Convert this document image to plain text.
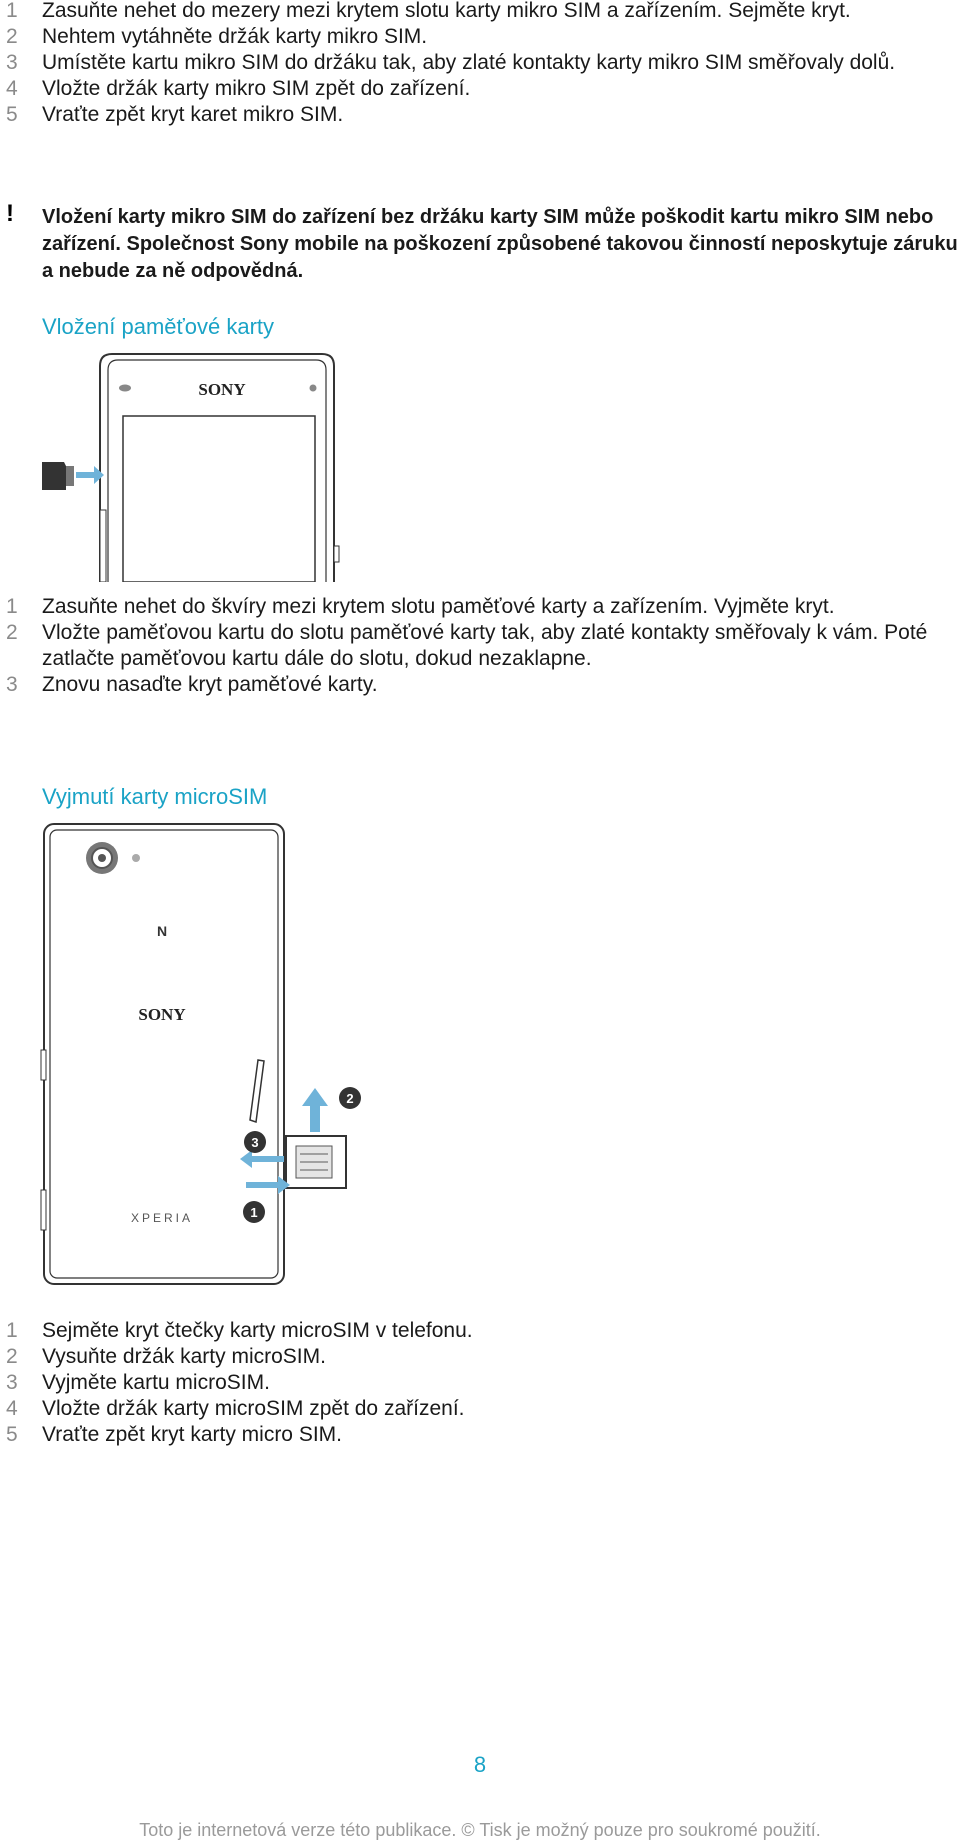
1 Zasuňte nehet do mezery mezi krytem slotu karty mikro SIM a zařízením. Sejměte kryt.
2 Nehtem vytáhněte držák karty mikro SIM.
3 Umístěte kartu mikro SIM do držáku tak, aby zlaté kontakty karty mikro SIM směřovaly dolů.
4 Vložte držák karty mikro SIM zpět do zařízení.
5 Vraťte zpět kryt karet mikro SIM.
! Vložení karty mikro SIM do zařízení bez držáku karty SIM může poškodit kartu mikro SIM nebo zařízení. Společnost Sony mobile na poškození způsobené takovou činností neposkytuje záruku a nebude za ně odpovědná.
Vložení paměťové karty
SONY
1 Zasuňte nehet do škvíry mezi krytem slotu paměťové karty a zařízením. Vyjměte kryt.
2 Vložte paměťovou kartu do slotu paměťové karty tak, aby zlaté kontakty směřovaly k vám. Poté zatlačte paměťovou kartu dále do slotu, dokud nezaklapne.
3 Znovu nasaďte kryt paměťové karty.
Vyjmutí karty microSIM
N
SONY
XPERIA
2
3
1
1 Sejměte kryt čtečky karty microSIM v telefonu.
2 Vysuňte držák karty microSIM.
3 Vyjměte kartu microSIM.
4 Vložte držák karty microSIM zpět do zařízení.
5 Vraťte zpět kryt karty micro SIM.
8
Toto je internetová verze této publikace. © Tisk je možný pouze pro soukromé použití.
